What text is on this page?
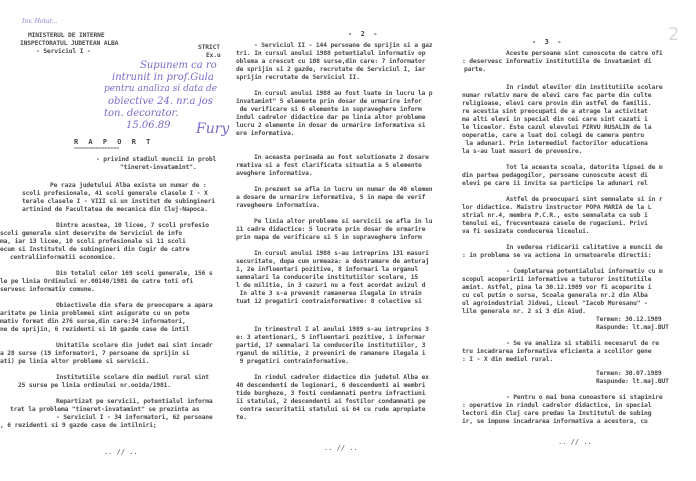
Inv. Hotar...
MINISTERUL DE INTERNE
INSPECTORATUL JUDETEAN ALBA
- Serviciul I -
STRICT
Ex.u
Supunem ca ro
intrunit in prof.Gula
pentru analiza si data de
obiective 24. nr.a jos
ton. decorator.
15.06.89 Fury
R A P O R T
===============
- privind stadiul muncii in probl
"tineret-invatamint".
Pe raza judetului Alba exista un numar de :
scoli profesionale, 41 scoli generale clasele I - X
terale clasele I - VIII si un institut de subingineri
artinind de Facultatea de mecanica din Cluj-Napoca.
Dintre acestea, 10 licee, 7 scoli profesio
scoli generale sint deservite de Serviciul de info
ma, iar 13 licee, 10 scoli profesionale si 11 scoli
ecum si Institutul de subingineri din Cugir de catre
centraliinformatii economice.
Din totalul celor 169 scoli generale, 156 s
le pe linia Ordinului nr.00140/1981 de catre toti ofi
servesc informativ comune.
Obiectivele din sfera de preocupare a apara
aritate pe linia problemei sint asigurate cu un pote
mativ format din 276 surse,din care:34 informatori,
ne de sprijin, 6 rezidenti si 10 gazde case de intil
Unitatile scolare din judet mai sint incadr
a 28 surse (19 informatori, 7 persoane de sprijin si
ati) pe linia altor probleme si servicii.
Institutiile scolare din mediul rural sint
25 surse pe linia ordinului nr.oo1da/1981.
Repartizat pe servicii, potentialul informa
trat la problema "tineret-invatamint" se prezinta as
- Serviciul I - 34 informatori, 62 persoane
, 6 rezidenti si 9 gazde case de intilniri;
.. // ..
-  2  -
- Serviciul II - 144 persoane de sprijin si a gaz
tri. In cursul anului 1988 potentialul informativ op
oblema a crescut cu 108 surse,din care: 7 informator
de sprijin si 2 gazde, recrutate de Serviciul I, iar
sprijin recrutate de Serviciul II.
In cursul anului 1988 au fost luate in lucru la p
invatamint" 5 elemente prin dosar de urmarire infor
de verificare si 6 elemente in supraveghere inform
indul cadrelor didactice dar pe linia altor probleme
lucru 2 elemente in dosar de urmarire informativa si
ere informativa.
In aceasta perioada au fost solutionate 2 dosare
rmativa si a fost clarificata situatia a 5 elemente
aveghere informativa.
In prezent se afla in lucru un numar de 40 elemen
a dosare de urmarire informativa, 5 in mape de verif
ravegheere informativa.
Pe linia altor probleme si servicii se afla in lu
11 cadre didactice: 5 lucrate prin dosar de urmarire
prin mapa de verificare si 5 in supraveghere inform
In cursul anului 1988 s-au intreprins 131 masuri
securitate, dupa cum urmeaza: a destramare de anturaj
1, 2e influentari pozitive, 8 informari la organul
semnalari la conducerile institutiilor scolare, 15
l de militie, in 3 cazuri nu a fost acordat avizul d
In alte 3 s-a prevenit ramanerea ilegala in strain
tuat 12 pregatiri contrainformative: 8 colective si
In trimestrul I al anului 1989 s-au intreprins 3
e: 3 atentionari, 5 influentari pozitive, 1 informar
partid, 17 semnalari la conducerile institutiilor, 3
rganul de militie, 2 preveniri de ramanere ilegala i
9 pregatiri contrainformative.
In rindul cadrelor didactice din judetul Alba ex
40 descendenti de legionari, 6 descendenti ai membri
tide burgheze, 3 fosti condamnati pentru infractiuni
ii statului, 2 descendenti ai fostilor condamnati pe
contra securitatii statului si 64 cu rude apropiate
te.
.. // ..
2
-  3  -
Aceste persoane sint cunoscute de catre ofi
: deservesc informativ institutiile de invatamint di
parte.
In rindul elevilor din institutiile scolare
numar relativ mare de elevi care fac parte din culte
religioase, elevi care provin din astfel de familii.
re acestia sint preocupati de a atrage la activitat
ma alti elevi in special din cei care sint cazati i
le liceelor. Este cazul elevului PIRVU RUSALIN de la
ooperatie, care a luat doi colegi de camera pentru
la adunari. Prin intermediul factorilor educationa
la s-au luat masuri de prevenire.
Tot la aceasta scoala, datorita lipsei de m
din partea pedagogilor, persoane cunoscute acest di
elevi pe care ii invita sa participe la adunari rel
Astfel de preocupari sint semnalate si in r
lor didactice. Maistru instructor POPA MARIA de la L
strial nr.4, membra P.C.R., este semnalata ca sub i
tenului ei, frecventeaza casele de rugaciuni. Privi
va fi sesizata conducerea liceului.
In vederea ridicarii calitative a muncii de
: in problema se va actiona in urmatoarele directii:
- Completarea potentialului informativ cu m
scopul acoperirii informative a tuturor institutiile
amint. Astfel, pina la 30.12.1989 vor fi acoperite i
cu cel putin o sursa, Scoala generala nr.2 din Alba
ul agroindustrial Jidvei, Liceul "Iacob Muresanu" -
lile generale nr. 2 si 3 din Aiud.
Termen: 30.12.1989
Raspunde: lt.maj.BUT
- Se va analiza si stabili necesarul de re
tru incadrarea informativa eficienta a scolilor gene
: I - X din mediul rural.
Termen: 30.07.1989
Raspunde: lt.maj.BUT
- Pentru o mai buna cunoastere si stapinire
: operative in rindul cadrelor didactice, in special
lectori din Cluj care predau la Institutul de subing
ir, se impune incadrarea informativa a acestora, cu
.. // ..
